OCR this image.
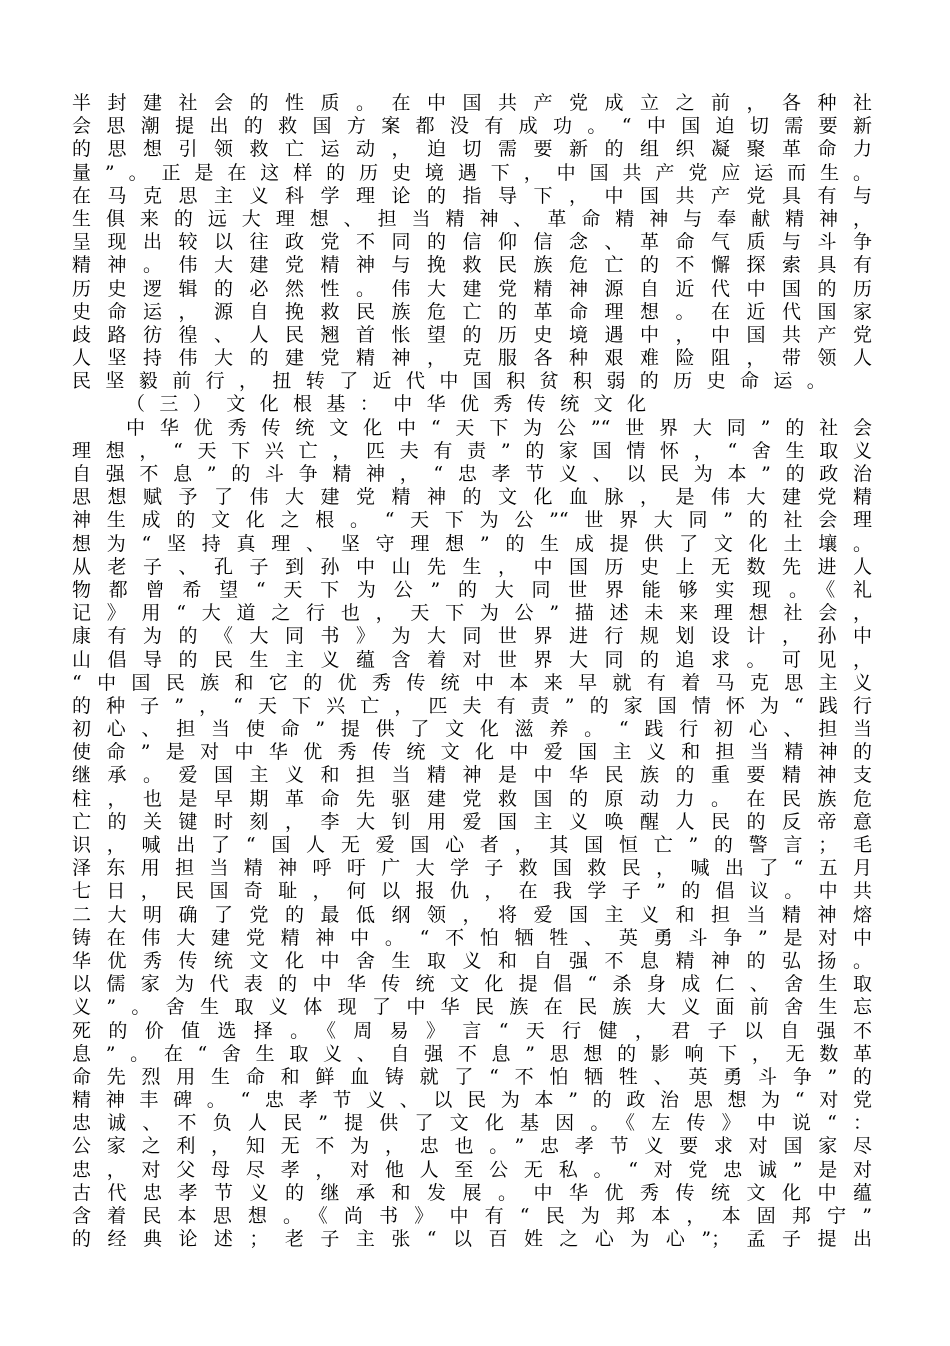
半封建社会的性质。在中国共产党成立之前，各种社
会思潮提出的救国方案都没有成功。“中国迫切需要新
的思想引领救亡运动，迫切需要新的组织凝聚革命力
量”。正是在这样的历史境遇下，中国共产党应运而生。
在马克思主义科学理论的指导下，中国共产党具有与
生俱来的远大理想、担当精神、革命精神与奉献精神，
呈现出较以往政党不同的信仰信念、革命气质与斗争
精神。伟大建党精神与挽救民族危亡的不懈探索具有
历史逻辑的必然性。伟大建党精神源自近代中国的历
史命运，源自挽救民族危亡的革命理想。在近代国家
歧路彷徨、人民翘首怅望的历史境遇中，中国共产党
人坚持伟大的建党精神，克服各种艰难险阻，带领人
民坚毅前行，扭转了近代中国积贫积弱的历史命运。
（三）文化根基：中华优秀传统文化
中华优秀传统文化中“天下为公”“世界大同”的社会
理想，“天下兴亡，匹夫有责”的家国情怀，“舍生取义
自强不息”的斗争精神，“忠孝节义、以民为本”的政治
思想赋予了伟大建党精神的文化血脉，是伟大建党精
神生成的文化之根。“天下为公”“世界大同”的社会理
想为“坚持真理、坚守理想”的生成提供了文化土壤。
从老子、孔子到孙中山先生，中国历史上无数先进人
物都曾希望“天下为公”的大同世界能够实现。《礼
记》用“大道之行也，天下为公”描述未来理想社会，
康有为的《大同书》为大同世界进行规划设计，孙中
山倡导的民生主义蕴含着对世界大同的追求。可见，
“中国民族和它的优秀传统中本来早就有着马克思主义
的种子”，“天下兴亡，匹夫有责”的家国情怀为“践行
初心、担当使命”提供了文化滋养。“践行初心、担当
使命”是对中华优秀传统文化中爱国主义和担当精神的
继承。爱国主义和担当精神是中华民族的重要精神支
柱，也是早期革命先驱建党救国的原动力。在民族危
亡的关键时刻，李大钊用爱国主义唤醒人民的反帝意
识，喊出了“国人无爱国心者，其国恒亡”的警言；毛
泽东用担当精神呼吁广大学子救国救民，喊出了“五月
七日，民国奇耻，何以报仇，在我学子”的倡议。中共
二大明确了党的最低纲领，将爱国主义和担当精神熔
铸在伟大建党精神中。“不怕牺牲、英勇斗争”是对中
华优秀传统文化中舍生取义和自强不息精神的弘扬。
以儒家为代表的中华传统文化提倡“杀身成仁、舍生取
义”。舍生取义体现了中华民族在民族大义面前舍生忘
死的价值选择。《周易》言“天行健，君子以自强不
息”。在“舍生取义、自强不息”思想的影响下，无数革
命先烈用生命和鲜血铸就了“不怕牺牲、英勇斗争”的
精神丰碑。“忠孝节义、以民为本”的政治思想为“对党
忠诚、不负人民”提供了文化基因。《左传》中说“：
公家之利，知无不为，忠也。”忠孝节义要求对国家尽
忠，对父母尽孝，对他人至公无私。“对党忠诚”是对
古代忠孝节义的继承和发展。中华优秀传统文化中蕴
含着民本思想。《尚书》中有“民为邦本，本固邦宁”
的经典论述；老子主张“以百姓之心为心”；孟子提出
